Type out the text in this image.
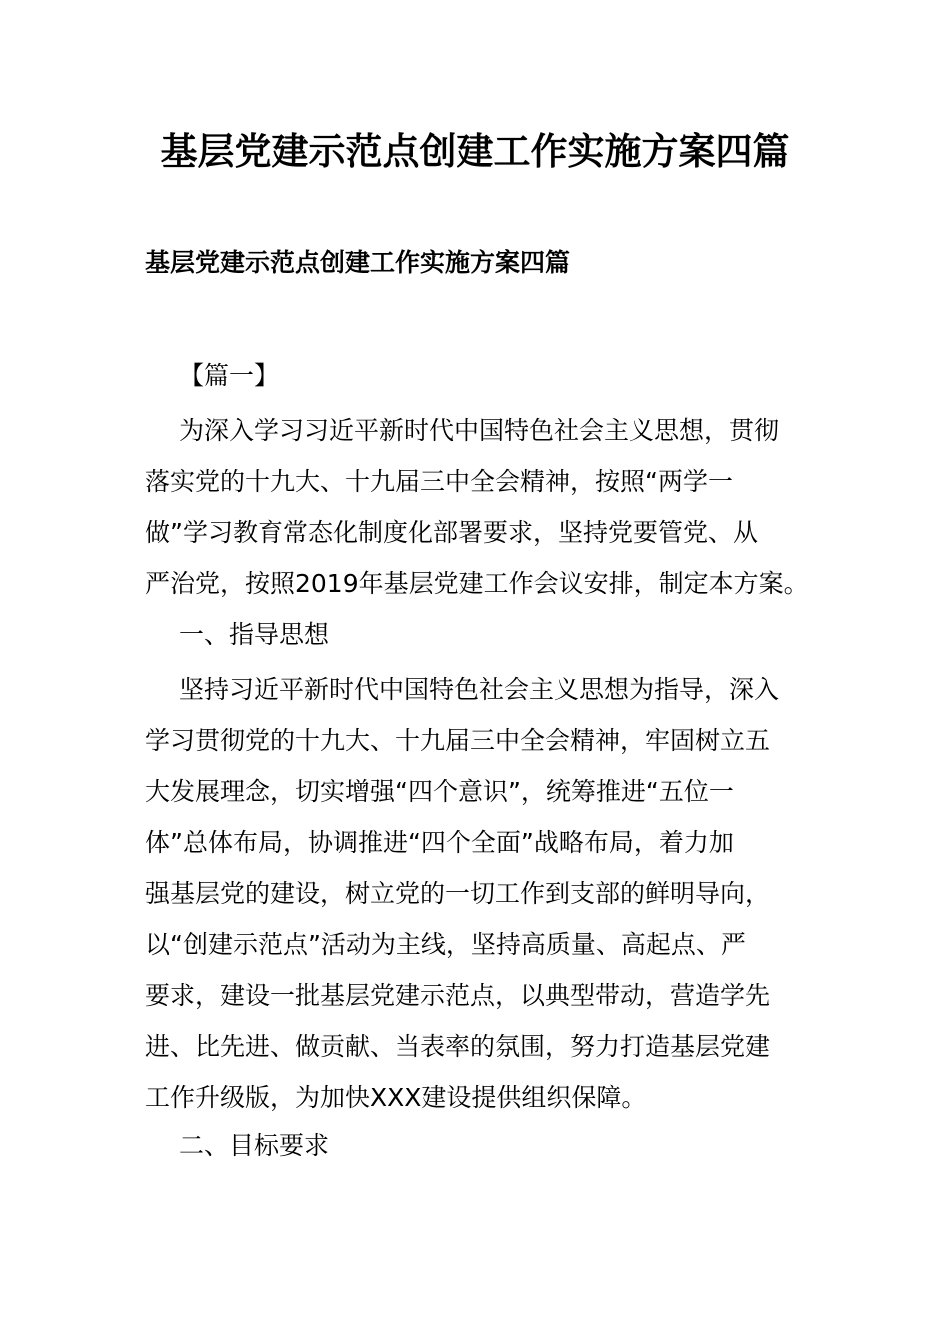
基层党建示范点创建工作实施方案四篇
基层党建示范点创建工作实施方案四篇

【篇一】

为深入学习习近平新时代中国特色社会主义思想，贯彻
落实党的十九大、十九届三中全会精神，按照“两学一
做”学习教育常态化制度化部署要求，坚持党要管党、从
严治党，按照2019年基层党建工作会议安排，制定本方案。

一、指导思想

坚持习近平新时代中国特色社会主义思想为指导，深入
学习贯彻党的十九大、十九届三中全会精神，牢固树立五
大发展理念，切实增强“四个意识”，统筹推进“五位一
体”总体布局，协调推进“四个全面”战略布局，着力加
强基层党的建设，树立党的一切工作到支部的鲜明导向，
以“创建示范点”活动为主线，坚持高质量、高起点、严
要求，建设一批基层党建示范点，以典型带动，营造学先
进、比先进、做贡献、当表率的氛围，努力打造基层党建
工作升级版，为加快XXX建设提供组织保障。

二、目标要求
